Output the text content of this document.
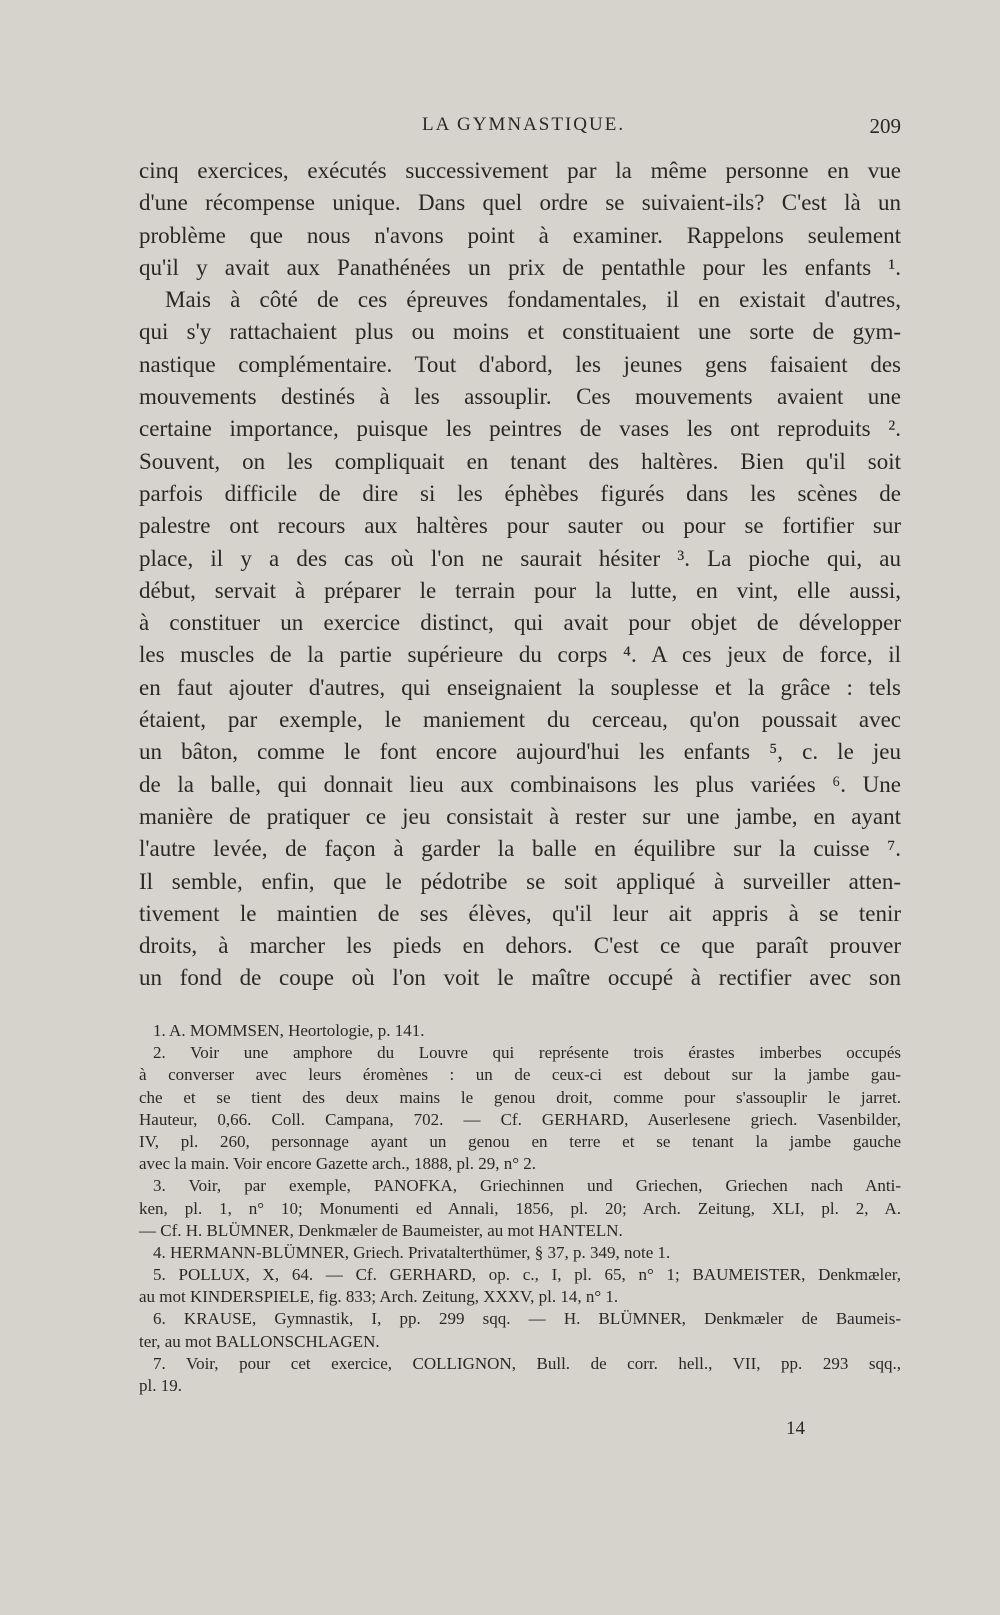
LA GYMNASTIQUE.	209
cinq exercices, exécutés successivement par la même personne en vue
d'une récompense unique. Dans quel ordre se suivaient-ils? C'est là un
problème que nous n'avons point à examiner. Rappelons seulement
qu'il y avait aux Panathénées un prix de pentathle pour les enfants ¹.
Mais à côté de ces épreuves fondamentales, il en existait d'autres,
qui s'y rattachaient plus ou moins et constituaient une sorte de gym-
nastique complémentaire. Tout d'abord, les jeunes gens faisaient des
mouvements destinés à les assouplir. Ces mouvements avaient une
certaine importance, puisque les peintres de vases les ont reproduits ².
Souvent, on les compliquait en tenant des haltères. Bien qu'il soit
parfois difficile de dire si les éphèbes figurés dans les scènes de
palestre ont recours aux haltères pour sauter ou pour se fortifier sur
place, il y a des cas où l'on ne saurait hésiter ³. La pioche qui, au
début, servait à préparer le terrain pour la lutte, en vint, elle aussi,
à constituer un exercice distinct, qui avait pour objet de développer
les muscles de la partie supérieure du corps ⁴. A ces jeux de force, il
en faut ajouter d'autres, qui enseignaient la souplesse et la grâce : tels
étaient, par exemple, le maniement du cerceau, qu'on poussait avec
un bâton, comme le font encore aujourd'hui les enfants ⁵, c. le jeu
de la balle, qui donnait lieu aux combinaisons les plus variées ⁶. Une
manière de pratiquer ce jeu consistait à rester sur une jambe, en ayant
l'autre levée, de façon à garder la balle en équilibre sur la cuisse ⁷.
Il semble, enfin, que le pédotribe se soit appliqué à surveiller atten-
tivement le maintien de ses élèves, qu'il leur ait appris à se tenir
droits, à marcher les pieds en dehors. C'est ce que paraît prouver
un fond de coupe où l'on voit le maître occupé à rectifier avec son
1. A. MOMMSEN, Heortologie, p. 141.
2. Voir une amphore du Louvre qui représente trois érastes imberbes occupés
à converser avec leurs éromènes : un de ceux-ci est debout sur la jambe gau-
che et se tient des deux mains le genou droit, comme pour s'assouplir le jarret.
Hauteur, 0,66. Coll. Campana, 702. — Cf. GERHARD, Auserlesene griech. Vasenbilder,
IV, pl. 260, personnage ayant un genou en terre et se tenant la jambe gauche
avec la main. Voir encore Gazette arch., 1888, pl. 29, n° 2.
3. Voir, par exemple, PANOFKA, Griechinnen und Griechen, Griechen nach Anti-
ken, pl. 1, n° 10; Monumenti ed Annali, 1856, pl. 20; Arch. Zeitung, XLI, pl. 2, A.
— Cf. H. BLÜMNER, Denkmæler de Baumeister, au mot HANTELN.
4. HERMANN-BLÜMNER, Griech. Privatalterthümer, § 37, p. 349, note 1.
5. POLLUX, X, 64. — Cf. GERHARD, op. c., I, pl. 65, n° 1; BAUMEISTER, Denkmæler,
au mot KINDERSPIELE, fig. 833; Arch. Zeitung, XXXV, pl. 14, n° 1.
6. KRAUSE, Gymnastik, I, pp. 299 sqq. — H. BLÜMNER, Denkmæler de Baumeis-
ter, au mot BALLONSCHLAGEN.
7. Voir, pour cet exercice, COLLIGNON, Bull. de corr. hell., VII, pp. 293 sqq.,
pl. 19.
14
